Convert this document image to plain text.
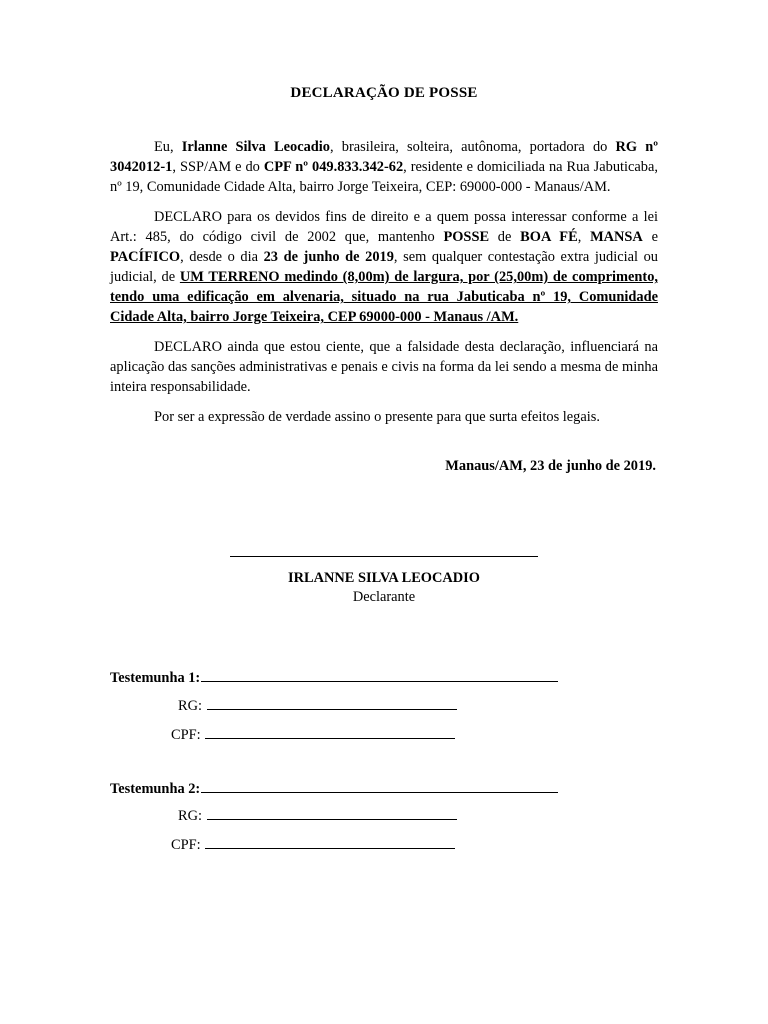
DECLARAÇÃO DE POSSE

Eu, Irlanne Silva Leocadio, brasileira, solteira, autônoma, portadora do RG nº 3042012-1, SSP/AM e do CPF nº 049.833.342-62, residente e domiciliada na Rua Jabuticaba, nº 19, Comunidade Cidade Alta, bairro Jorge Teixeira, CEP: 69000-000 - Manaus/AM.

DECLARO para os devidos fins de direito e a quem possa interessar conforme a lei Art.: 485, do código civil de 2002 que, mantenho POSSE de BOA FÉ, MANSA e PACÍFICO, desde o dia 23 de junho de 2019, sem qualquer contestação extra judicial ou judicial, de UM TERRENO medindo (8,00m) de largura, por (25,00m) de comprimento, tendo uma edificação em alvenaria, situado na rua Jabuticaba nº 19, Comunidade Cidade Alta, bairro Jorge Teixeira, CEP 69000-000 - Manaus /AM.

DECLARO ainda que estou ciente, que a falsidade desta declaração, influenciará na aplicação das sanções administrativas e penais e civis na forma da lei sendo a mesma de minha inteira responsabilidade.

Por ser a expressão de verdade assino o presente para que surta efeitos legais.

Manaus/AM, 23 de junho de 2019.
IRLANNE SILVA LEOCADIO
Declarante
Testemunha 1:
RG:
CPF:
Testemunha 2:
RG:
CPF:
